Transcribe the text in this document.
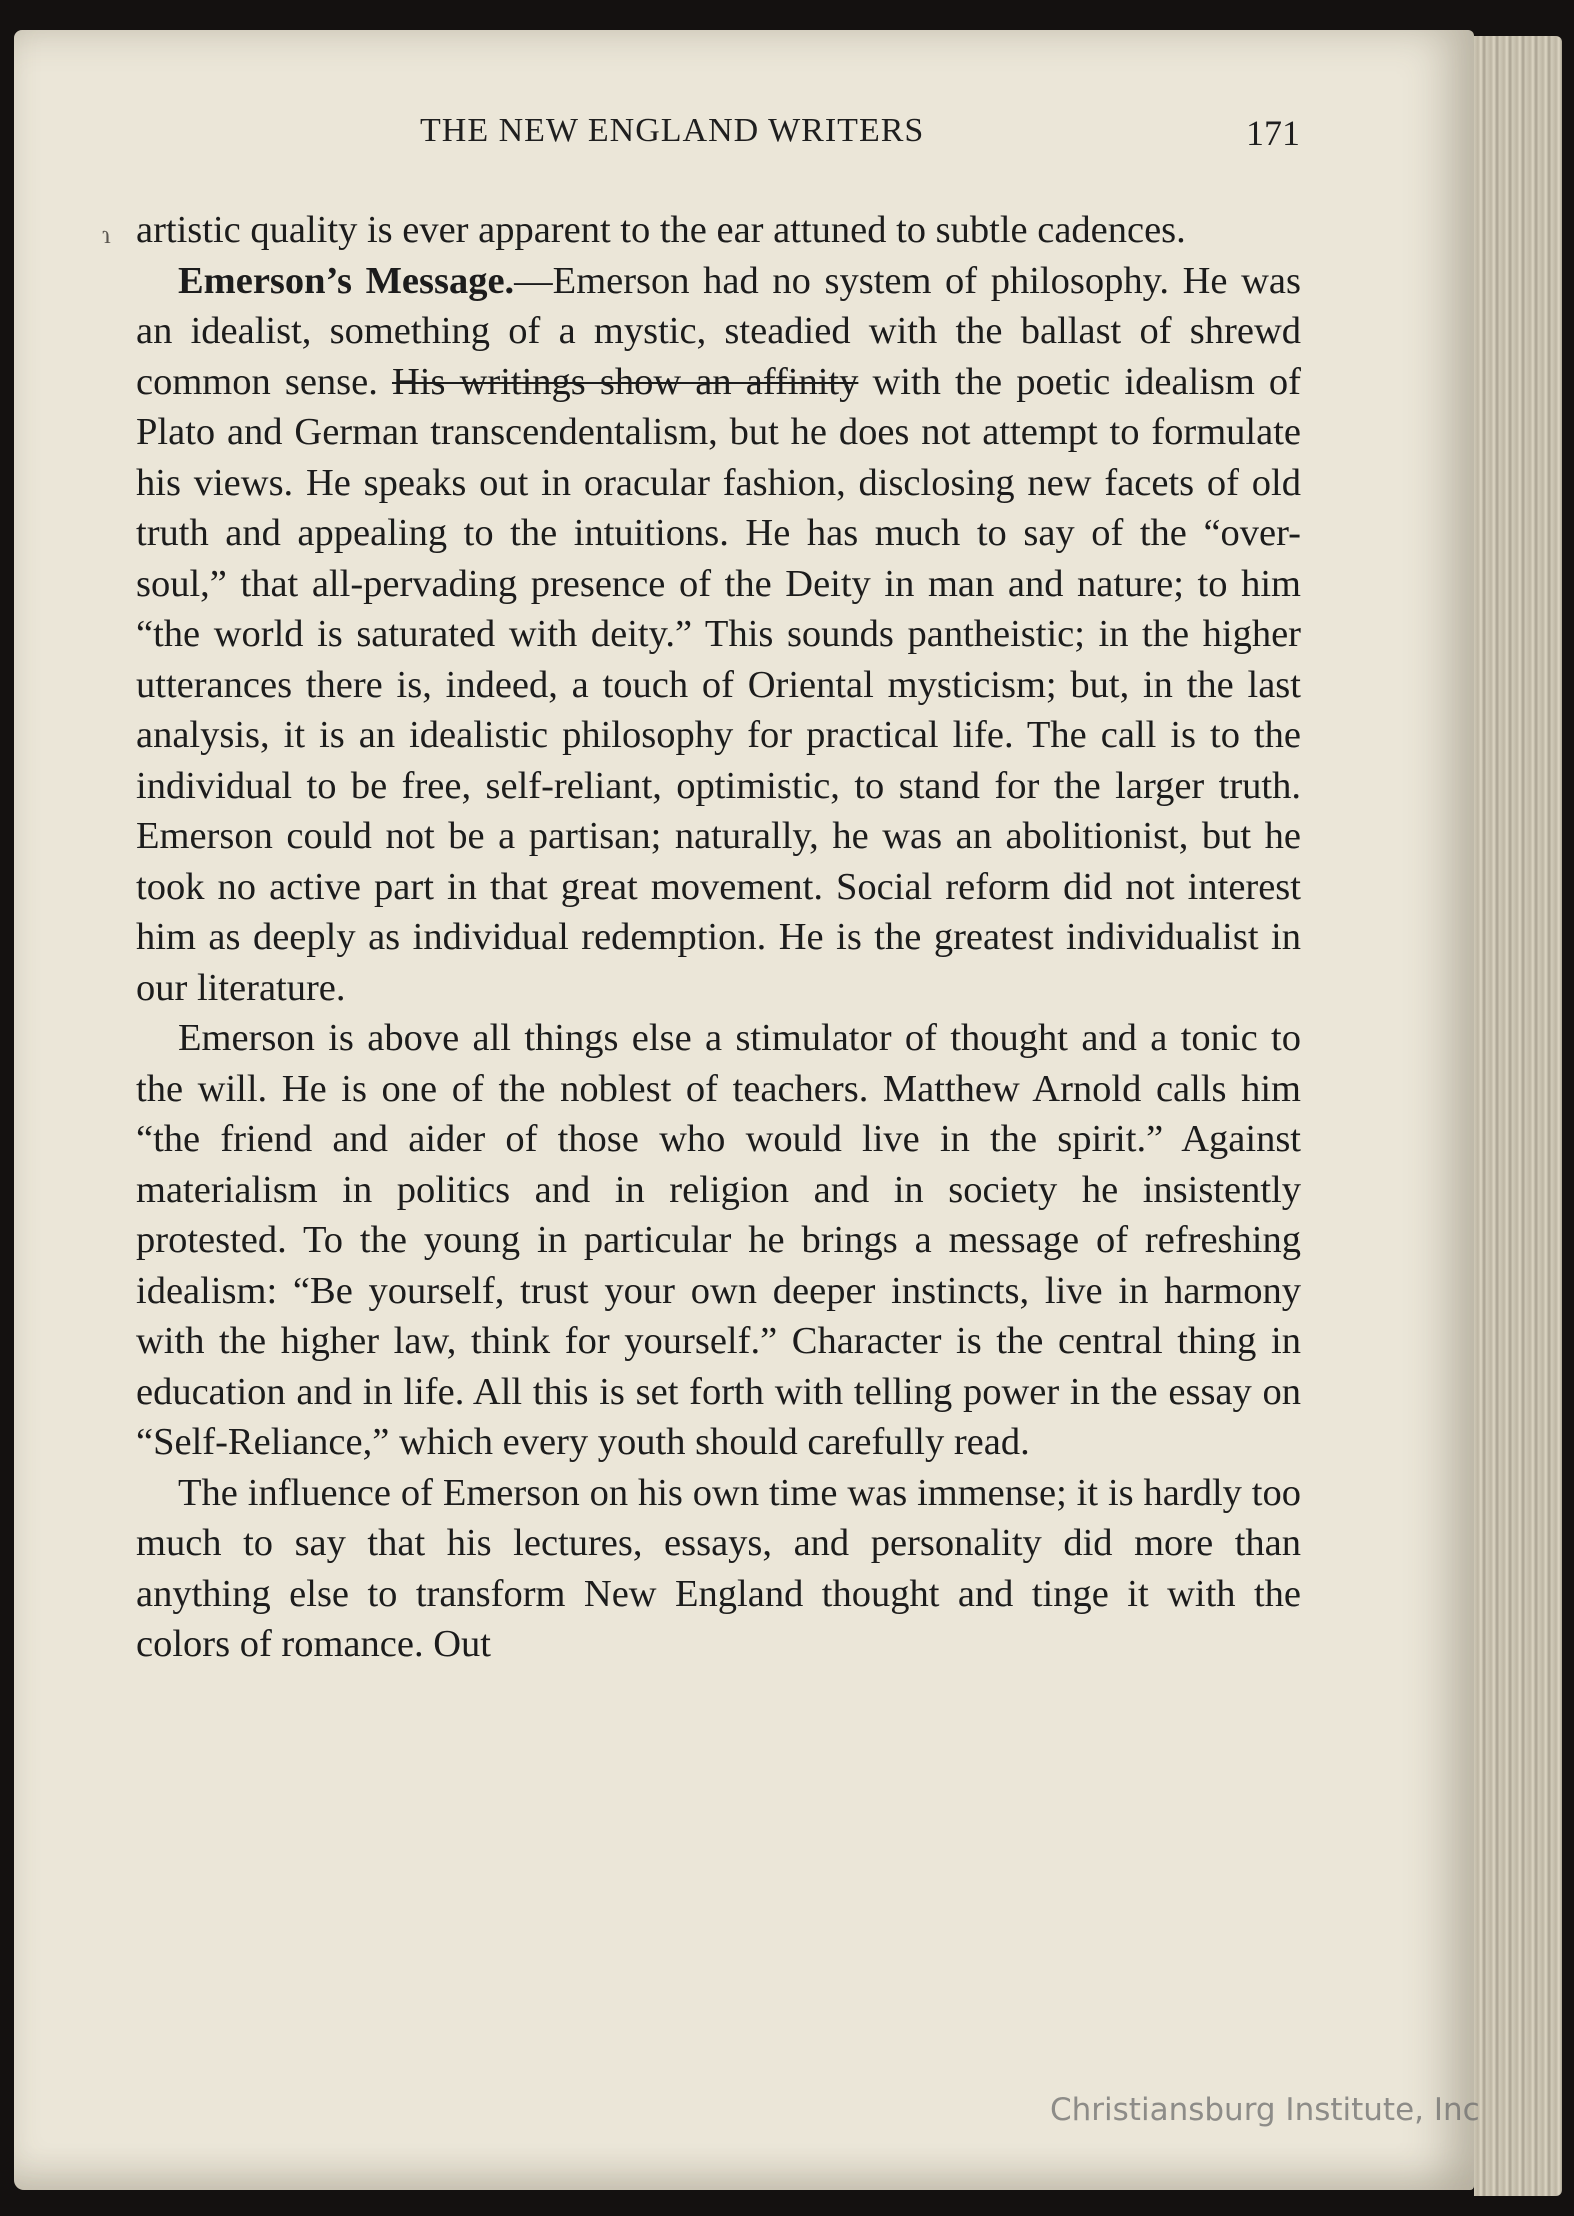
THE NEW ENGLAND WRITERS	171
ɿ artistic quality is ever apparent to the ear attuned to subtle cadences.

Emerson’s Message.—Emerson had no system of philosophy. He was an idealist, something of a mystic, steadied with the ballast of shrewd common sense. His writings show an affinity with the poetic idealism of Plato and German transcendentalism, but he does not attempt to formulate his views. He speaks out in oracular fashion, disclosing new facets of old truth and appealing to the intuitions. He has much to say of the “over-soul,” that all-pervading presence of the Deity in man and nature; to him “the world is saturated with deity.” This sounds pantheistic; in the higher utterances there is, indeed, a touch of Oriental mysticism; but, in the last analysis, it is an idealistic philosophy for practical life. The call is to the individual to be free, self-reliant, optimistic, to stand for the larger truth. Emerson could not be a partisan; naturally, he was an abolitionist, but he took no active part in that great movement. Social reform did not interest him as deeply as individual redemption. He is the greatest individualist in our literature.

Emerson is above all things else a stimulator of thought and a tonic to the will. He is one of the noblest of teachers. Matthew Arnold calls him “the friend and aider of those who would live in the spirit.” Against materialism in politics and in religion and in society he insistently protested. To the young in particular he brings a message of refreshing idealism: “Be yourself, trust your own deeper instincts, live in harmony with the higher law, think for yourself.” Character is the central thing in education and in life. All this is set forth with telling power in the essay on “Self-Reliance,” which every youth should carefully read.

The influence of Emerson on his own time was immense; it is hardly too much to say that his lectures, essays, and personality did more than anything else to transform New England thought and tinge it with the colors of romance. Out

Christiansburg Institute, Inc
